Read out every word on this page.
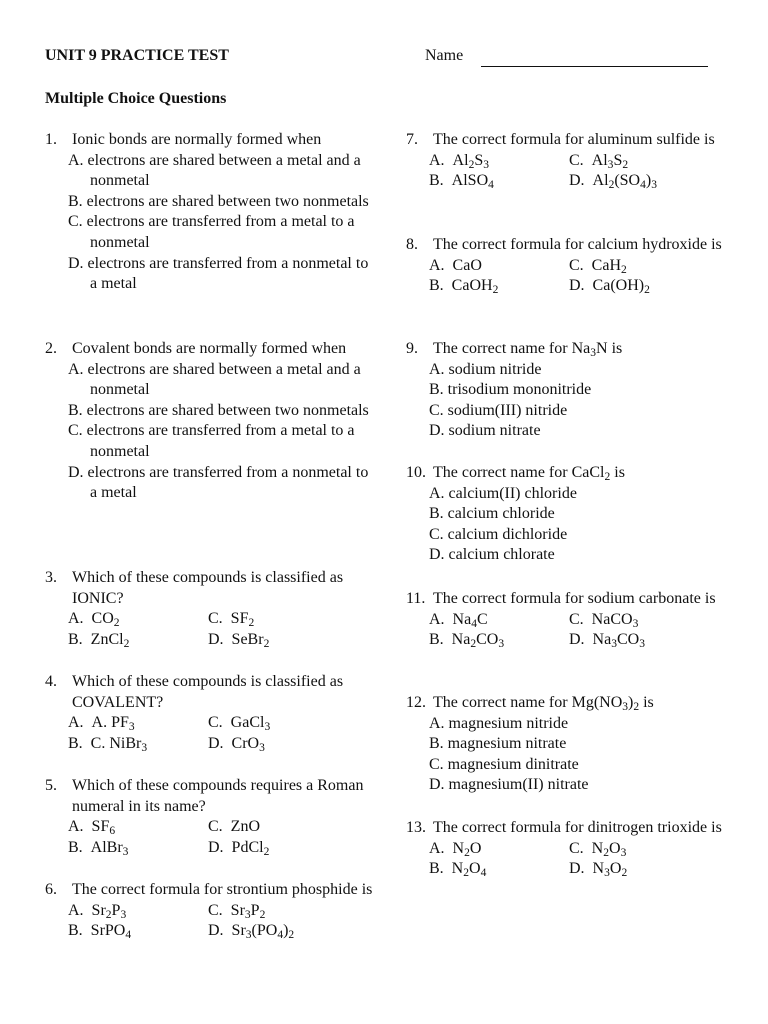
UNIT 9 PRACTICE TEST	Name
Multiple Choice Questions
1. Ionic bonds are normally formed when
A. electrons are shared between a metal and a nonmetal
B. electrons are shared between two nonmetals
C. electrons are transferred from a metal to a nonmetal
D. electrons are transferred from a nonmetal to a metal
2. Covalent bonds are normally formed when
A. electrons are shared between a metal and a nonmetal
B. electrons are shared between two nonmetals
C. electrons are transferred from a metal to a nonmetal
D. electrons are transferred from a nonmetal to a metal
3. Which of these compounds is classified as IONIC?
A.  $CO_2$	C.  $SF_2$
B.  ZnCl$_2$	D.  SeBr$_2$
4. Which of these compounds is classified as COVALENT?
A.  A. $PF_3$	C.  GaCl$_3$
B.  C. NiBr$_3$	D.  CrO$_3$
5. Which of these compounds requires a Roman numeral in its name?
A.  $SF_6$	C.  ZnO
B.  AlBr$_3$	D.  PdCl$_2$
6. The correct formula for strontium phosphide is
A.  $Sr_2P_3$	C.  $Sr_3P_2$
B.  SrPO$_4$	D.  $Sr_3(PO_4)_2$
7. The correct formula for aluminum sulfide is
A.  $Al_2S_3$	C.  $Al_3S_2$
B.  AlSO$_4$	D.  $Al_2(SO_4)_3$
8. The correct formula for calcium hydroxide is
A.  CaO	C.  CaH$_2$
B.  CaOH$_2$	D.  $Ca(OH)_2$
9. The correct name for $Na_3N$ is
A. sodium nitride
B. trisodium mononitride
C. sodium(III) nitride
D. sodium nitrate
10. The correct name for CaCl$_2$ is
A. calcium(II) chloride
B. calcium chloride
C. calcium dichloride
D. calcium chlorate
11. The correct formula for sodium carbonate is
A.  $Na_4C$	C.  NaCO$_3$
B.  $Na_2CO_3$	D.  $Na_3CO_3$
12. The correct name for $Mg(NO_3)_2$ is
A. magnesium nitride
B. magnesium nitrate
C. magnesium dinitrate
D. magnesium(II) nitrate
13. The correct formula for dinitrogen trioxide is
A.  $N_2O$	C.  $N_2O_3$
B.  $N_2O_4$	D.  $N_3O_2$
